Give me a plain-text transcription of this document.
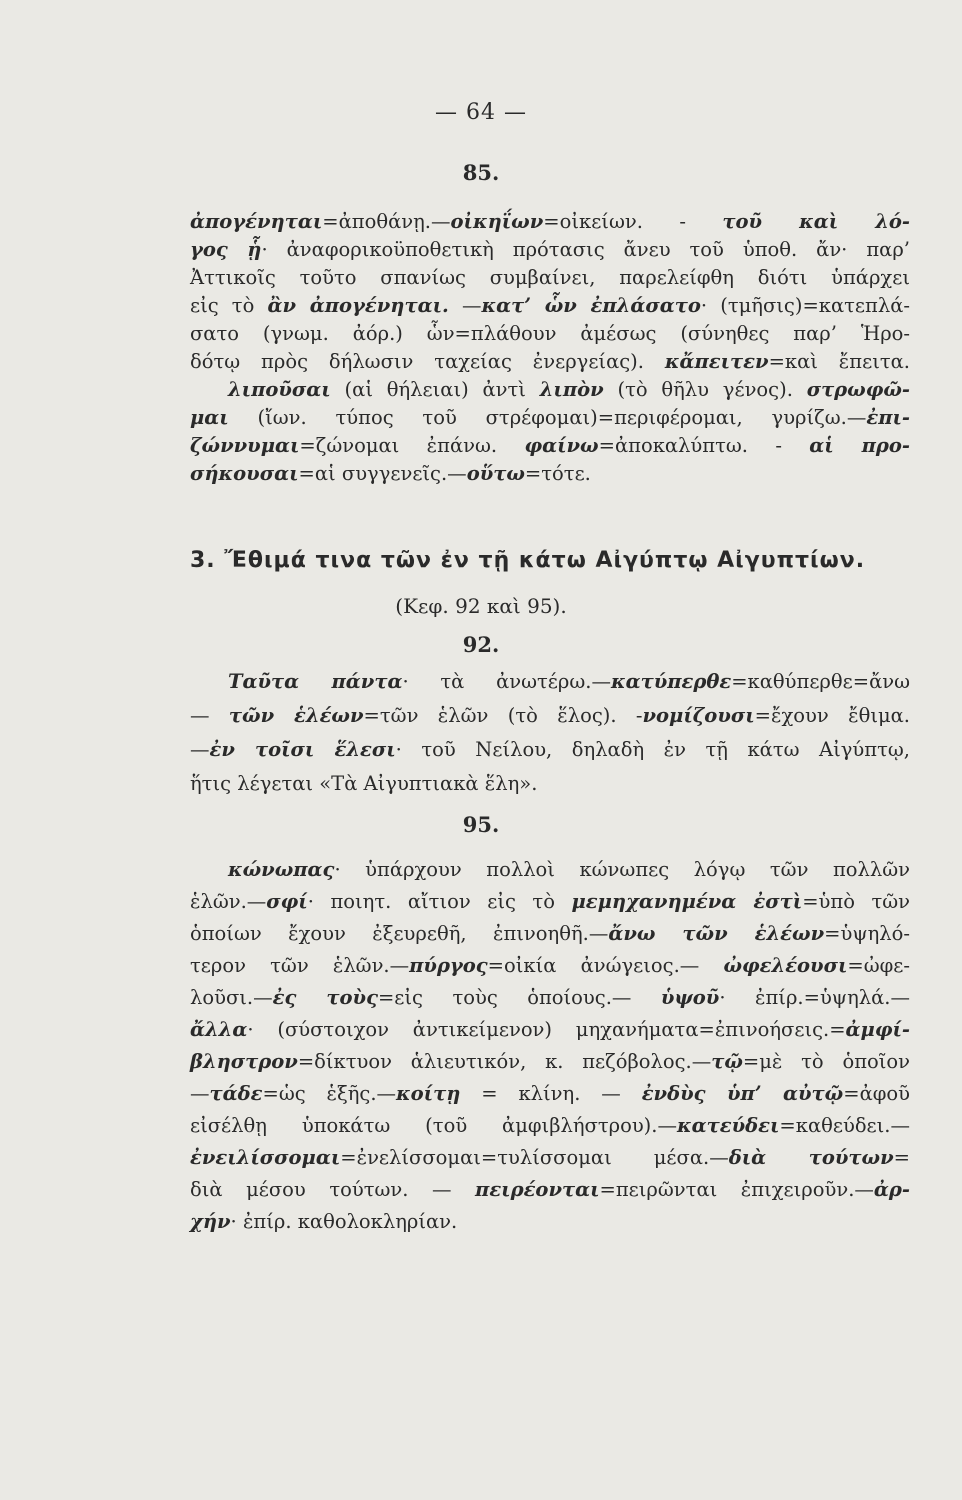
— 64 —
85.
ἀπογένηται=ἀποθάνῃ.—οἰκηΐων=οἰκείων. - τοῦ καὶ λό-
γος ᾗ· ἀναφορικοϋποθετικὴ πρότασις ἄνευ τοῦ ὑποθ. ἄν· παρ’
Ἀττικοῖς τοῦτο σπανίως συμβαίνει, παρελείφθη διότι ὑπάρχει
εἰς τὸ ἂν ἀπογένηται. —κατ’ ὧν ἐπλάσατο· (τμῆσις)=κατεπλά-
σατο (γνωμ. ἀόρ.) ὧν=πλάθουν ἀμέσως (σύνηθες παρ’ Ἡρο-
δότῳ πρὸς δήλωσιν ταχείας ἐνεργείας). κἄπειτεν=καὶ ἔπειτα.
λιποῦσαι (αἱ θήλειαι) ἀντὶ λιπὸν (τὸ θῆλυ γένος). στρωφῶ-
μαι (ἴων. τύπος τοῦ στρέφομαι)=περιφέρομαι, γυρίζω.—ἐπι-
ζώννυμαι=ζώνομαι ἐπάνω. φαίνω=ἀποκαλύπτω. - αἱ προ-
σήκουσαι=αἱ συγγενεῖς.—οὕτω=τότε.
3. Ἔθιμά τινα τῶν ἐν τῇ κάτω Αἰγύπτῳ Αἰγυπτίων.
(Κεφ. 92 καὶ 95).
92.
Ταῦτα πάντα· τὰ ἀνωτέρω.—κατύπερθε=καθύπερθε=ἄνω
— τῶν ἑλέων=τῶν ἑλῶν (τὸ ἕλος). -νομίζουσι=ἔχουν ἔθιμα.
—ἐν τοῖσι ἕλεσι· τοῦ Νείλου, δηλαδὴ ἐν τῇ κάτω Αἰγύπτῳ,
ἥτις λέγεται «Τὰ Αἰγυπτιακὰ ἕλη».
95.
κώνωπας· ὑπάρχουν πολλοὶ κώνωπες λόγῳ τῶν πολλῶν
ἑλῶν.—σφί· ποιητ. αἴτιον εἰς τὸ μεμηχανημένα ἐστὶ=ὑπὸ τῶν
ὁποίων ἔχουν ἐξευρεθῆ, ἐπινοηθῆ.—ἄνω τῶν ἑλέων=ὑψηλό-
τερον τῶν ἑλῶν.—πύργος=οἰκία ἀνώγειος.— ὠφελέουσι=ὠφε-
λοῦσι.—ἐς τοὺς=εἰς τοὺς ὁποίους.— ὑψοῦ· ἐπίρ.=ὑψηλά.—
ἄλλα· (σύστοιχον ἀντικείμενον) μηχανήματα=ἐπινοήσεις.=ἀμφί-
βληστρον=δίκτυον ἁλιευτικόν, κ. πεζόβολος.—τῷ=μὲ τὸ ὁποῖον
—τάδε=ὡς ἑξῆς.—κοίτῃ = κλίνη. — ἐνδὺς ὑπ’ αὐτῷ=ἀφοῦ
εἰσέλθῃ ὑποκάτω (τοῦ ἀμφιβλήστρου).—κατεύδει=καθεύδει.—
ἐνειλίσσομαι=ἐνελίσσομαι=τυλίσσομαι μέσα.—διὰ τούτων=
διὰ μέσου τούτων. — πειρέονται=πειρῶνται ἐπιχειροῦν.—ἀρ-
χήν· ἐπίρ. καθολοκληρίαν.
